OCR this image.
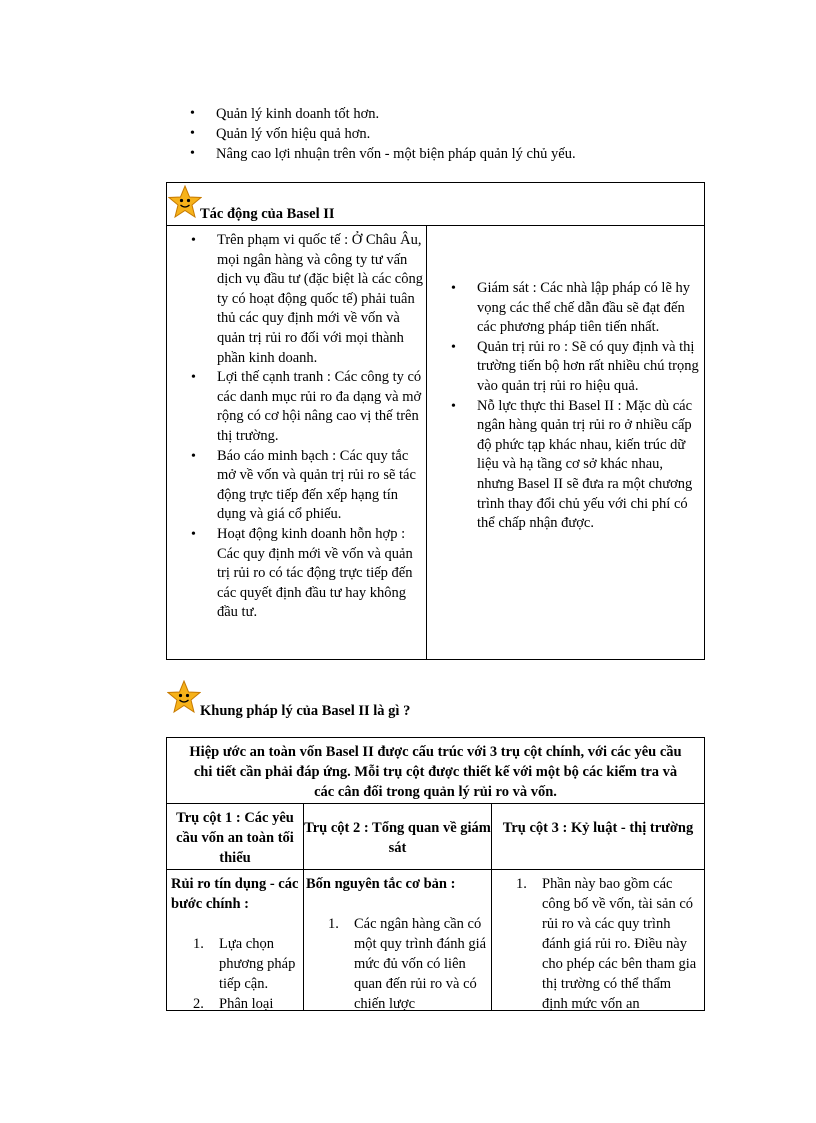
• Quản lý kinh doanh tốt hơn.
• Quản lý vốn hiệu quả hơn.
• Nâng cao lợi nhuận trên vốn - một biện pháp quản lý chủ yếu.
Tác động của Basel II
• Trên phạm vi quốc tế : Ở Châu Âu, mọi ngân hàng và công ty tư vấn dịch vụ đầu tư (đặc biệt là các công ty có hoạt động quốc tế) phải tuân thủ các quy định mới về vốn và quản trị rủi ro đối với mọi thành phần kinh doanh.
• Lợi thế cạnh tranh : Các công ty có các danh mục rủi ro đa dạng và mở rộng có cơ hội nâng cao vị thế trên thị trường.
• Báo cáo minh bạch : Các quy tắc mở về vốn và quản trị rủi ro sẽ tác động trực tiếp đến xếp hạng tín dụng và giá cổ phiếu.
• Hoạt động kinh doanh hỗn hợp : Các quy định mới về vốn và quản trị rủi ro có tác động trực tiếp đến các quyết định đầu tư hay không đầu tư.
• Giám sát : Các nhà lập pháp có lẽ hy vọng các thể chế dẫn đầu sẽ đạt đến các phương pháp tiên tiến nhất.
• Quản trị rủi ro : Sẽ có quy định và thị trường tiến bộ hơn rất nhiều chú trọng vào quản trị rủi ro hiệu quả.
• Nỗ lực thực thi Basel II : Mặc dù các ngân hàng quản trị rủi ro ở nhiều cấp độ phức tạp khác nhau, kiến trúc dữ liệu và hạ tầng cơ sở khác nhau, nhưng Basel II sẽ đưa ra một chương trình thay đổi chủ yếu với chi phí có thể chấp nhận được.
Khung pháp lý của Basel II là gì ?
Hiệp ước an toàn vốn Basel II được cấu trúc với 3 trụ cột chính, với các yêu cầu chi tiết cần phải đáp ứng. Mỗi trụ cột được thiết kế với một bộ các kiểm tra và các cân đối trong quản lý rủi ro và vốn.
Trụ cột 1 : Các yêu cầu vốn an toàn tối thiểu
Trụ cột 2 : Tổng quan về giám sát
Trụ cột 3 : Kỷ luật - thị trường
Rủi ro tín dụng - các bước chính :
1. Lựa chọn phương pháp tiếp cận.
2. Phân loại
Bốn nguyên tắc cơ bản :
1. Các ngân hàng cần có một quy trình đánh giá mức đủ vốn có liên quan đến rủi ro và có chiến lược
1. Phần này bao gồm các công bố về vốn, tài sản có rủi ro và các quy trình đánh giá rủi ro. Điều này cho phép các bên tham gia thị trường có thể thẩm định mức vốn an
